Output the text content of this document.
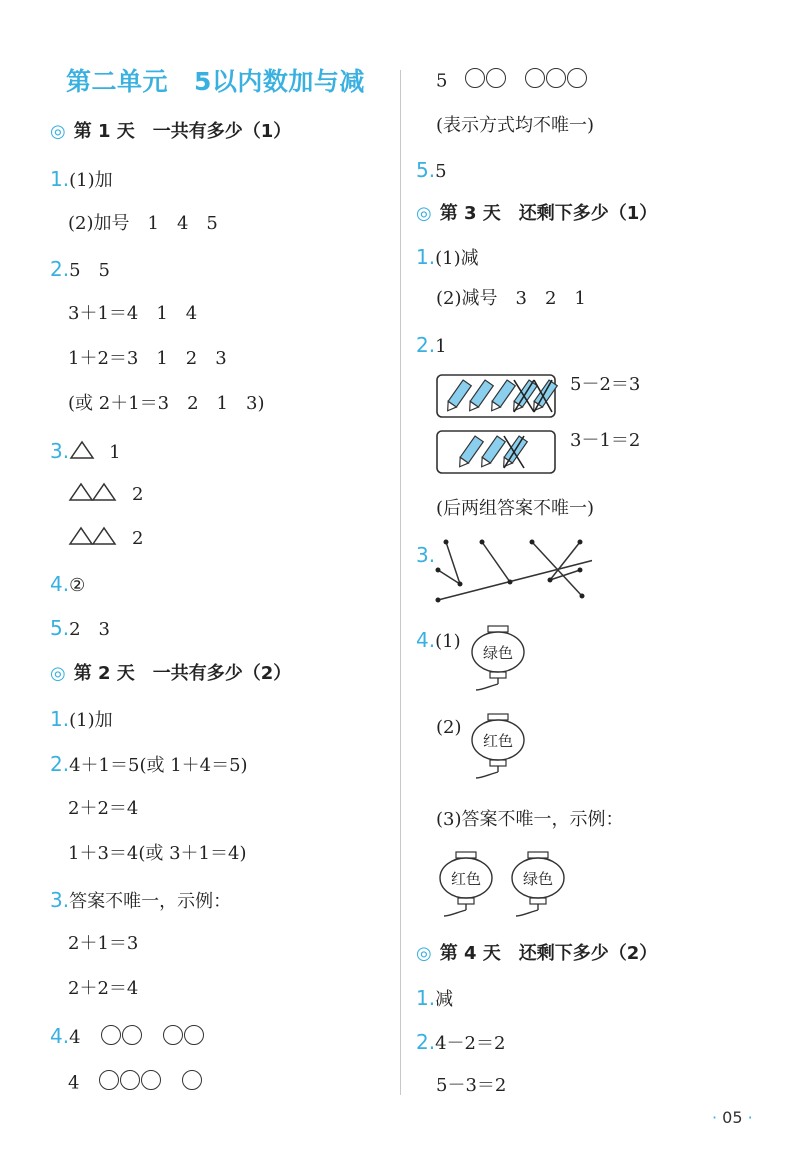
第二单元 5以内数加与减
◎ 第 1 天 一共有多少（1）
1.(1)加
(2)加号　1　4　5
2.5　5
3＋1＝4　1　4
1＋2＝3　1　2　3
(或 2＋1＝3　2　1　3)
3. 1
2
2
4.②
5.2　3
◎ 第 2 天 一共有多少（2）
1.(1)加
2.4＋1＝5(或 1＋4＝5)
2＋2＝4
1＋3＝4(或 3＋1＝4)
3.答案不唯一，示例：
2＋1＝3
2＋2＝4
4.4
4
5
(表示方式均不唯一)
5.5
◎ 第 3 天 还剩下多少（1）
1.(1)减
(2)减号　3　2　1
2.1
5－2＝3
3－1＝2
(后两组答案不唯一)
3.
4.(1)
绿色
(2)
红色
(3)答案不唯一，示例：
红色	绿色
◎ 第 4 天 还剩下多少（2）
1.减
2.4－2＝2
5－3＝2
· 05 ·
